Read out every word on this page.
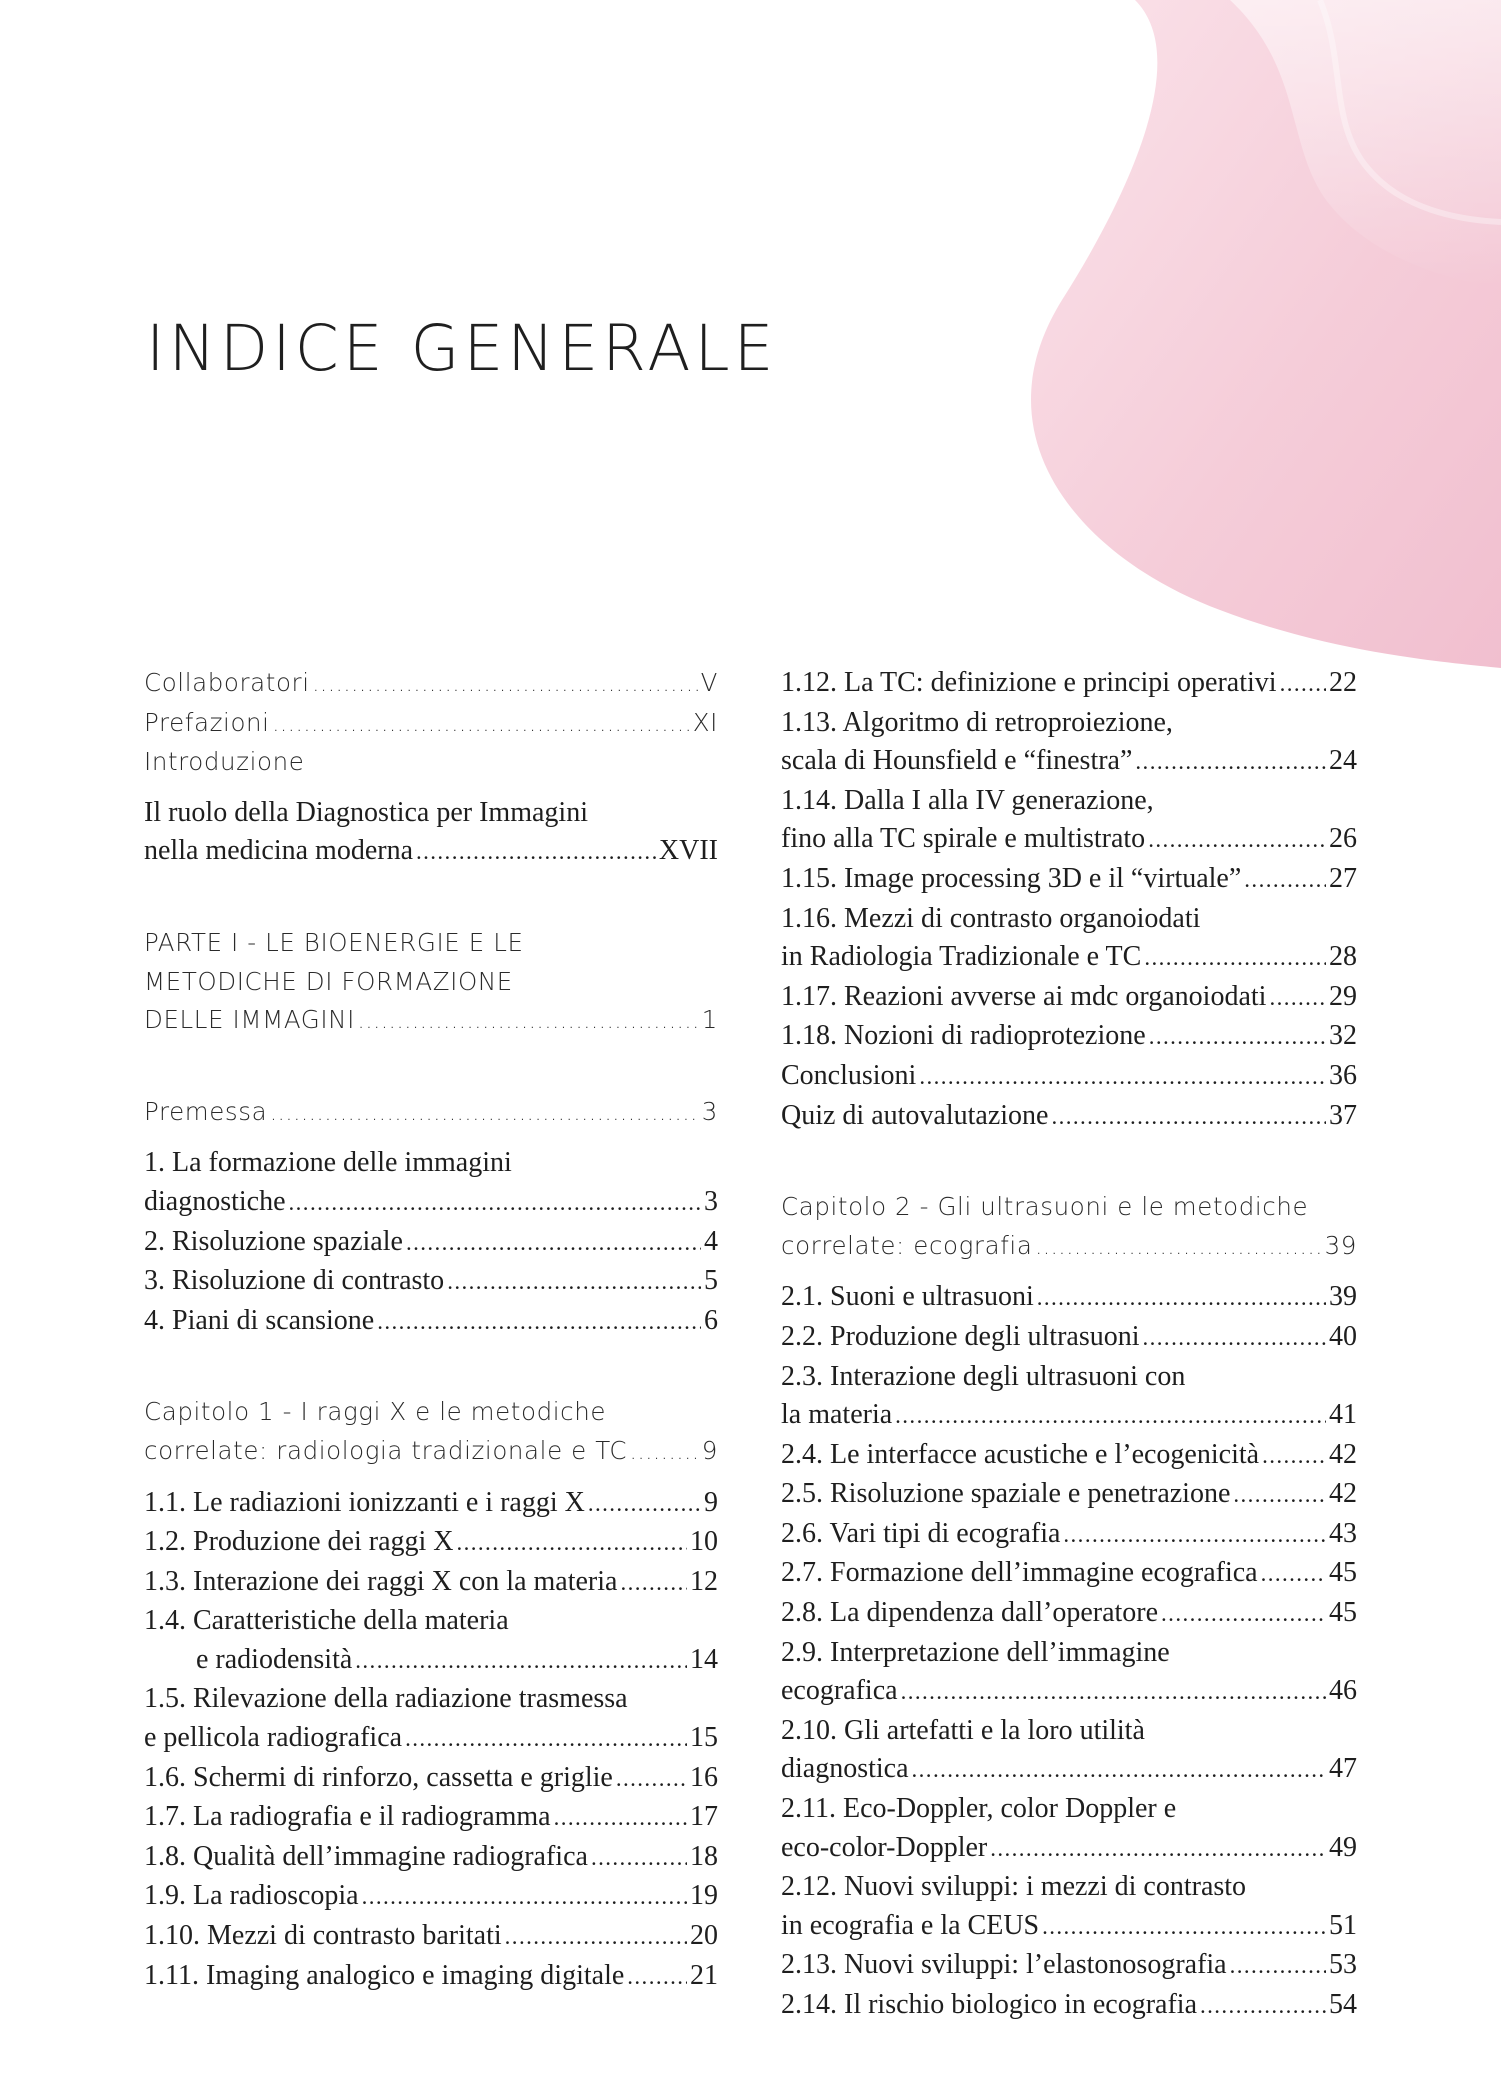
INDICE GENERALE
Collaboratori .....	V
Prefazioni .....	XI
Introduzione
Il ruolo della Diagnostica per Immagini
nella medicina moderna .....	XVII
PARTE I - LE BIOENERGIE E LE
METODICHE DI FORMAZIONE
DELLE IMMAGINI .....	1
Premessa .....	3
1. La formazione delle immagini
diagnostiche .....	3
2. Risoluzione spaziale .....	4
3. Risoluzione di contrasto .....	5
4. Piani di scansione .....	6
Capitolo 1 - I raggi X e le metodiche
correlate: radiologia tradizionale e TC .....	9
1.1. Le radiazioni ionizzanti e i raggi X .....	9
1.2. Produzione dei raggi X .....	10
1.3. Interazione dei raggi X con la materia .....	12
1.4. Caratteristiche della materia
e radiodensità .....	14
1.5. Rilevazione della radiazione trasmessa
e pellicola radiografica .....	15
1.6. Schermi di rinforzo, cassetta e griglie .....	16
1.7. La radiografia e il radiogramma .....	17
1.8. Qualità dell’immagine radiografica .....	18
1.9. La radioscopia .....	19
1.10. Mezzi di contrasto baritati .....	20
1.11. Imaging analogico e imaging digitale ..... 21
1.12. La TC: definizione e principi operativi ..... 22
1.13. Algoritmo di retroproiezione,
scala di Hounsfield e “finestra” .....	24
1.14. Dalla I alla IV generazione,
fino alla TC spirale e multistrato .....	26
1.15. Image processing 3D e il “virtuale” .....	27
1.16. Mezzi di contrasto organoiodati
in Radiologia Tradizionale e TC .....	28
1.17. Reazioni avverse ai mdc organoiodati ..... 29
1.18. Nozioni di radioprotezione .....	32
Conclusioni .....	36
Quiz di autovalutazione .....	37
Capitolo 2 - Gli ultrasuoni e le metodiche
correlate: ecografia .....	39
2.1. Suoni e ultrasuoni .....	39
2.2. Produzione degli ultrasuoni .....	40
2.3. Interazione degli ultrasuoni con
la materia .....	41
2.4. Le interfacce acustiche e l’ecogenicità ..... 42
2.5. Risoluzione spaziale e penetrazione .....	42
2.6. Vari tipi di ecografia .....	43
2.7. Formazione dell’immagine ecografica .....	45
2.8. La dipendenza dall’operatore .....	45
2.9. Interpretazione dell’immagine
ecografica .....	46
2.10. Gli artefatti e la loro utilità
diagnostica .....	47
2.11. Eco-Doppler, color Doppler e
eco-color-Doppler .....	49
2.12. Nuovi sviluppi: i mezzi di contrasto
in ecografia e la CEUS .....	51
2.13. Nuovi sviluppi: l’elastonosografia .....	53
2.14. Il rischio biologico in ecografia .....	54
